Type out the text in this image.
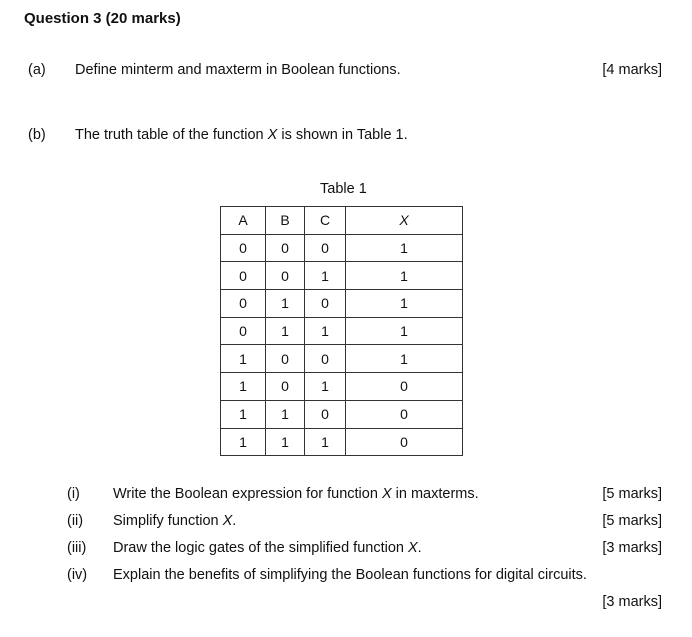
Question 3 (20 marks)
(a) Define minterm and maxterm in Boolean functions.	[4 marks]
(b) The truth table of the function X is shown in Table 1.
Table 1
A	B	C	X
0	0	0	1
0	0	1	1
0	1	0	1
0	1	1	1
1	0	0	1
1	0	1	0
1	1	0	0
1	1	1	0
(i) Write the Boolean expression for function X in maxterms.	[5 marks]
(ii) Simplify function X.	[5 marks]
(iii) Draw the logic gates of the simplified function X.	[3 marks]
(iv) Explain the benefits of simplifying the Boolean functions for digital circuits.
[3 marks]
